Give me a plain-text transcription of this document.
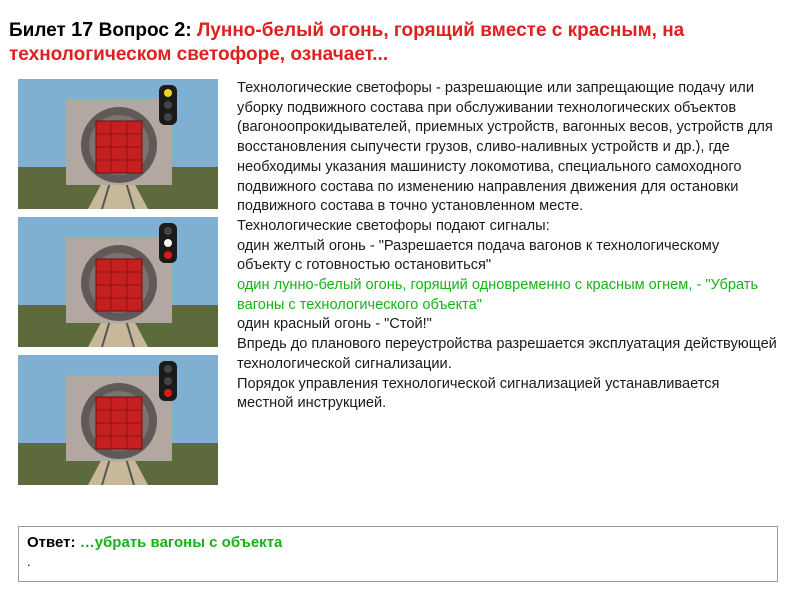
Билет 17 Вопрос 2: Лунно-белый огонь, горящий вместе с красным, на технологическом светофоре, означает...

Технологические светофоры - разрешающие или запрещающие подачу или уборку подвижного состава при обслуживании технологических объектов (вагоноопрокидывателей, приемных устройств, вагонных весов, устройств для восстановления сыпучести грузов, сливо-наливных устройств и др.), где необходимы указания машинисту локомотива, специального самоходного подвижного состава по изменению направления движения для остановки подвижного состава в точно установленном месте.

Технологические светофоры подают сигналы:

один желтый огонь - "Разрешается подача вагонов к технологическому объекту с готовностью остановиться"

один лунно-белый огонь, горящий одновременно с красным огнем, - "Убрать вагоны с технологического объекта"

один красный огонь - "Стой!"

Впредь до планового переустройства разрешается эксплуатация действующей технологической сигнализации.

Порядок управления технологической сигнализацией устанавливается местной инструкцией.

Ответ: …убрать вагоны с объекта
.
